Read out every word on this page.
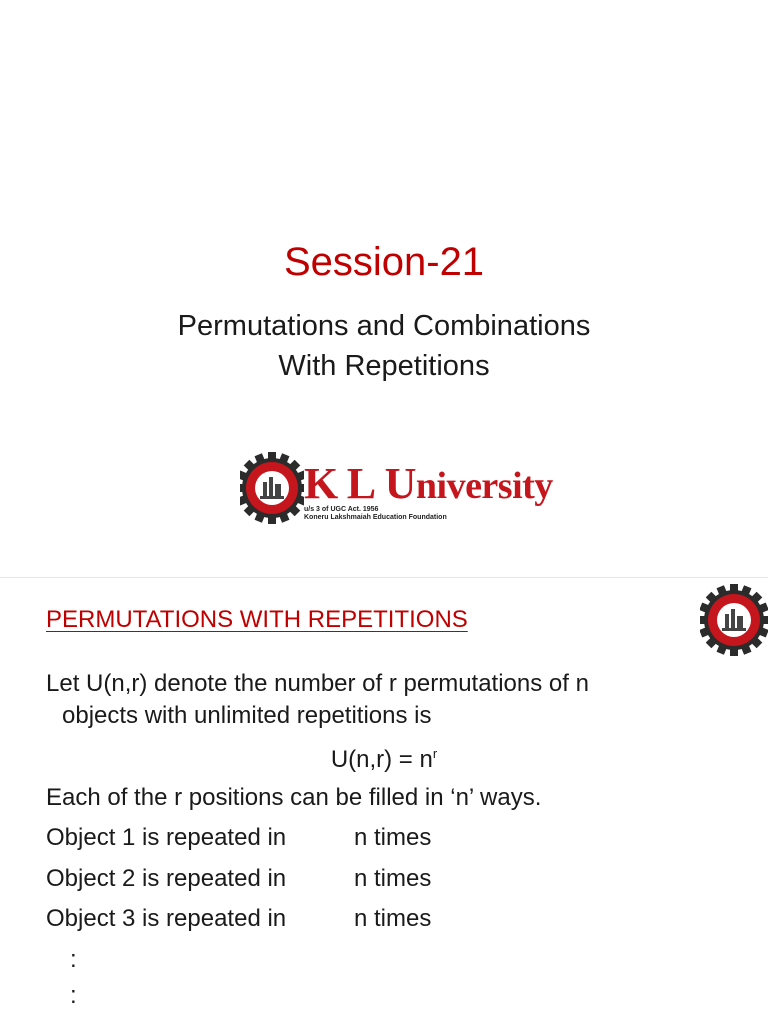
Session-21
Permutations and Combinations
With Repetitions
K L University
u/s 3 of UGC Act. 1956
Koneru Lakshmaiah Education Foundation
PERMUTATIONS WITH REPETITIONS
Let U(n,r) denote the number of r permutations of n
objects with unlimited repetitions is
$U(n,r) = n^r$
Each of the r positions can be filled in ‘n’ ways.
Object 1 is repeated in	n times
Object 2 is repeated in	n times
Object 3 is repeated in	n times
:
:
